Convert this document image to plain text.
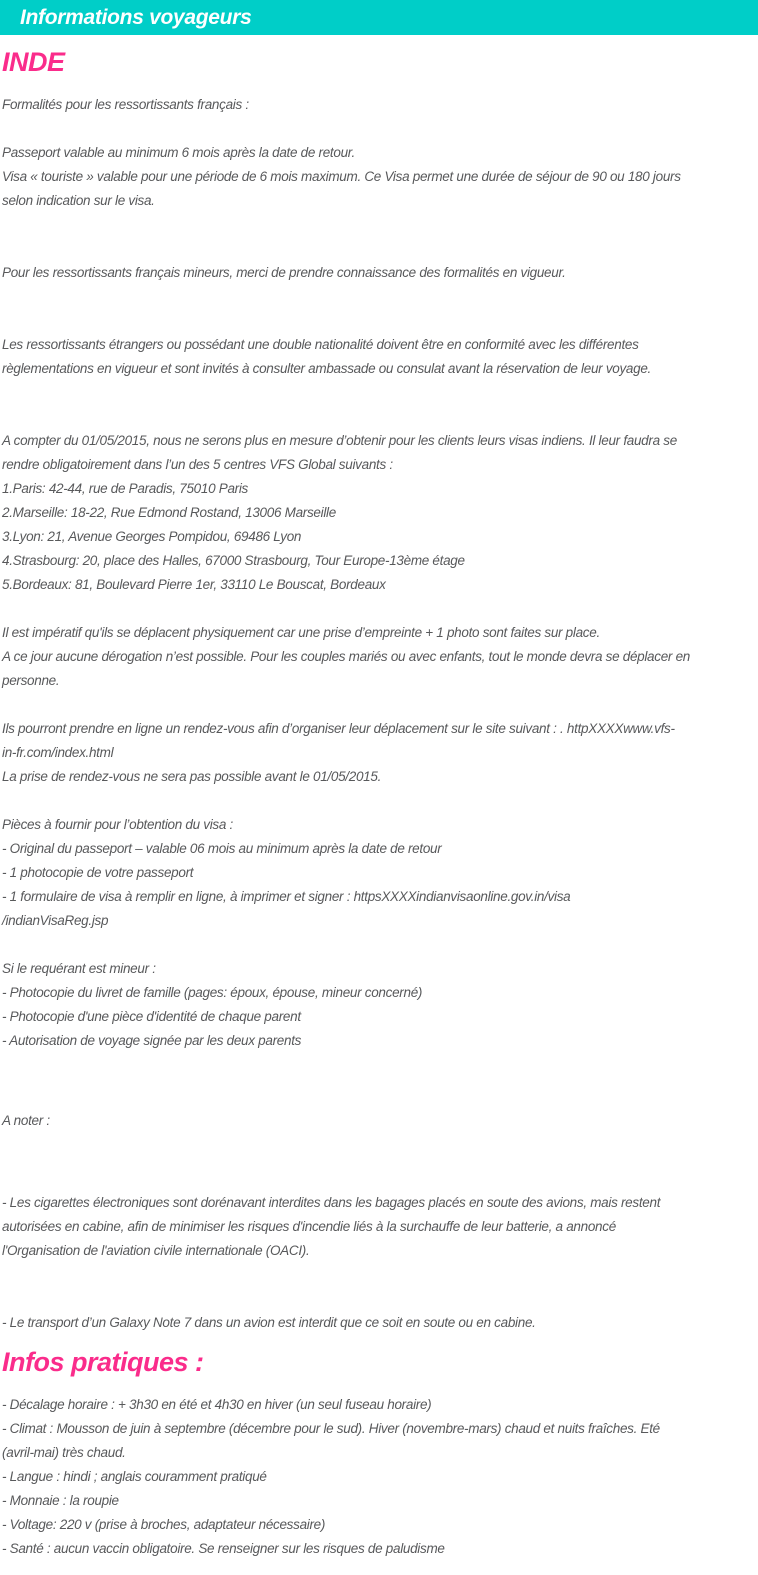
Informations voyageurs
INDE
Formalités pour les ressortissants français :
Passeport valable au minimum 6 mois après la date de retour.
Visa « touriste » valable pour une période de 6 mois maximum. Ce Visa permet une durée de séjour de 90 ou 180 jours
selon indication sur le visa.
Pour les ressortissants français mineurs, merci de prendre connaissance des formalités en vigueur.
Les ressortissants étrangers ou possédant une double nationalité doivent être en conformité avec les différentes
règlementations en vigueur et sont invités à consulter ambassade ou consulat avant la réservation de leur voyage.
A compter du 01/05/2015, nous ne serons plus en mesure d’obtenir pour les clients leurs visas indiens. Il leur faudra se
rendre obligatoirement dans l’un des 5 centres VFS Global suivants :
1.Paris: 42-44, rue de Paradis, 75010 Paris
2.Marseille: 18-22, Rue Edmond Rostand, 13006 Marseille
3.Lyon: 21, Avenue Georges Pompidou, 69486 Lyon
4.Strasbourg: 20, place des Halles, 67000 Strasbourg, Tour Europe-13ème étage
5.Bordeaux: 81, Boulevard Pierre 1er, 33110 Le Bouscat, Bordeaux
Il est impératif qu'ils se déplacent physiquement car une prise d’empreinte + 1 photo sont faites sur place.
A ce jour aucune dérogation n’est possible. Pour les couples mariés ou avec enfants, tout le monde devra se déplacer en
personne.
Ils pourront prendre en ligne un rendez-vous afin d’organiser leur déplacement sur le site suivant : . httpXXXXwww.vfs-
in-fr.com/index.html
La prise de rendez-vous ne sera pas possible avant le 01/05/2015.
Pièces à fournir pour l’obtention du visa :
- Original du passeport – valable 06 mois au minimum après la date de retour
- 1 photocopie de votre passeport
- 1 formulaire de visa à remplir en ligne, à imprimer et signer : httpsXXXXindianvisaonline.gov.in/visa
/indianVisaReg.jsp
Si le requérant est mineur :
- Photocopie du livret de famille (pages: époux, épouse, mineur concerné)
- Photocopie d'une pièce d'identité de chaque parent
- Autorisation de voyage signée par les deux parents
A noter :
- Les cigarettes électroniques sont dorénavant interdites dans les bagages placés en soute des avions, mais restent
autorisées en cabine, afin de minimiser les risques d'incendie liés à la surchauffe de leur batterie, a annoncé
l'Organisation de l'aviation civile internationale (OACI).
- Le transport d’un Galaxy Note 7 dans un avion est interdit que ce soit en soute ou en cabine.
Infos pratiques :
- Décalage horaire : + 3h30 en été et 4h30 en hiver (un seul fuseau horaire)
- Climat : Mousson de juin à septembre (décembre pour le sud). Hiver (novembre-mars) chaud et nuits fraîches. Eté
(avril-mai) très chaud.
- Langue : hindi ; anglais couramment pratiqué
- Monnaie : la roupie
- Voltage: 220 v (prise à broches, adaptateur nécessaire)
- Santé : aucun vaccin obligatoire. Se renseigner sur les risques de paludisme
